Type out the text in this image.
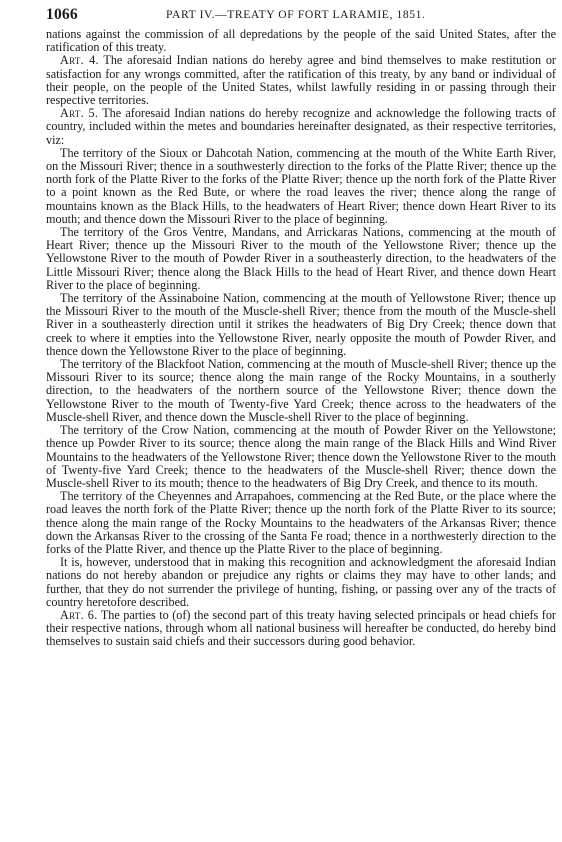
1066	PART IV.—TREATY OF FORT LARAMIE, 1851.

nations against the commission of all depredations by the people of the said United States, after the ratification of this treaty.

Art. 4. The aforesaid Indian nations do hereby agree and bind themselves to make restitution or satisfaction for any wrongs committed, after the ratification of this treaty, by any band or individual of their people, on the people of the United States, whilst lawfully residing in or passing through their respective territories.

Art. 5. The aforesaid Indian nations do hereby recognize and acknowledge the following tracts of country, included within the metes and boundaries hereinafter designated, as their respective territories, viz:

The territory of the Sioux or Dahcotah Nation, commencing at the mouth of the White Earth River, on the Missouri River; thence in a southwesterly direction to the forks of the Platte River; thence up the north fork of the Platte River to the forks of the Platte River; thence up the north fork of the Platte River to a point known as the Red Bute, or where the road leaves the river; thence along the range of mountains known as the Black Hills, to the headwaters of Heart River; thence down Heart River to its mouth; and thence down the Missouri River to the place of beginning.

The territory of the Gros Ventre, Mandans, and Arrickaras Nations, commencing at the mouth of Heart River; thence up the Missouri River to the mouth of the Yellowstone River; thence up the Yellowstone River to the mouth of Powder River in a southeasterly direction, to the headwaters of the Little Missouri River; thence along the Black Hills to the head of Heart River, and thence down Heart River to the place of beginning.

The territory of the Assinaboine Nation, commencing at the mouth of Yellowstone River; thence up the Missouri River to the mouth of the Muscle-shell River; thence from the mouth of the Muscle-shell River in a southeasterly direction until it strikes the headwaters of Big Dry Creek; thence down that creek to where it empties into the Yellowstone River, nearly opposite the mouth of Powder River, and thence down the Yellowstone River to the place of beginning.

The territory of the Blackfoot Nation, commencing at the mouth of Muscle-shell River; thence up the Missouri River to its source; thence along the main range of the Rocky Mountains, in a southerly direction, to the headwaters of the northern source of the Yellowstone River; thence down the Yellowstone River to the mouth of Twenty-five Yard Creek; thence across to the headwaters of the Muscle-shell River, and thence down the Muscle-shell River to the place of beginning.

The territory of the Crow Nation, commencing at the mouth of Powder River on the Yellowstone; thence up Powder River to its source; thence along the main range of the Black Hills and Wind River Mountains to the headwaters of the Yellowstone River; thence down the Yellowstone River to the mouth of Twenty-five Yard Creek; thence to the headwaters of the Muscle-shell River; thence down the Muscle-shell River to its mouth; thence to the headwaters of Big Dry Creek, and thence to its mouth.

The territory of the Cheyennes and Arrapahoes, commencing at the Red Bute, or the place where the road leaves the north fork of the Platte River; thence up the north fork of the Platte River to its source; thence along the main range of the Rocky Mountains to the headwaters of the Arkansas River; thence down the Arkansas River to the crossing of the Santa Fe road; thence in a northwesterly direction to the forks of the Platte River, and thence up the Platte River to the place of beginning.

It is, however, understood that in making this recognition and acknowledgment the aforesaid Indian nations do not hereby abandon or prejudice any rights or claims they may have to other lands; and further, that they do not surrender the privilege of hunting, fishing, or passing over any of the tracts of country heretofore described.

Art. 6. The parties to (of) the second part of this treaty having selected principals or head chiefs for their respective nations, through whom all national business will hereafter be conducted, do hereby bind themselves to sustain said chiefs and their successors during good behavior.
